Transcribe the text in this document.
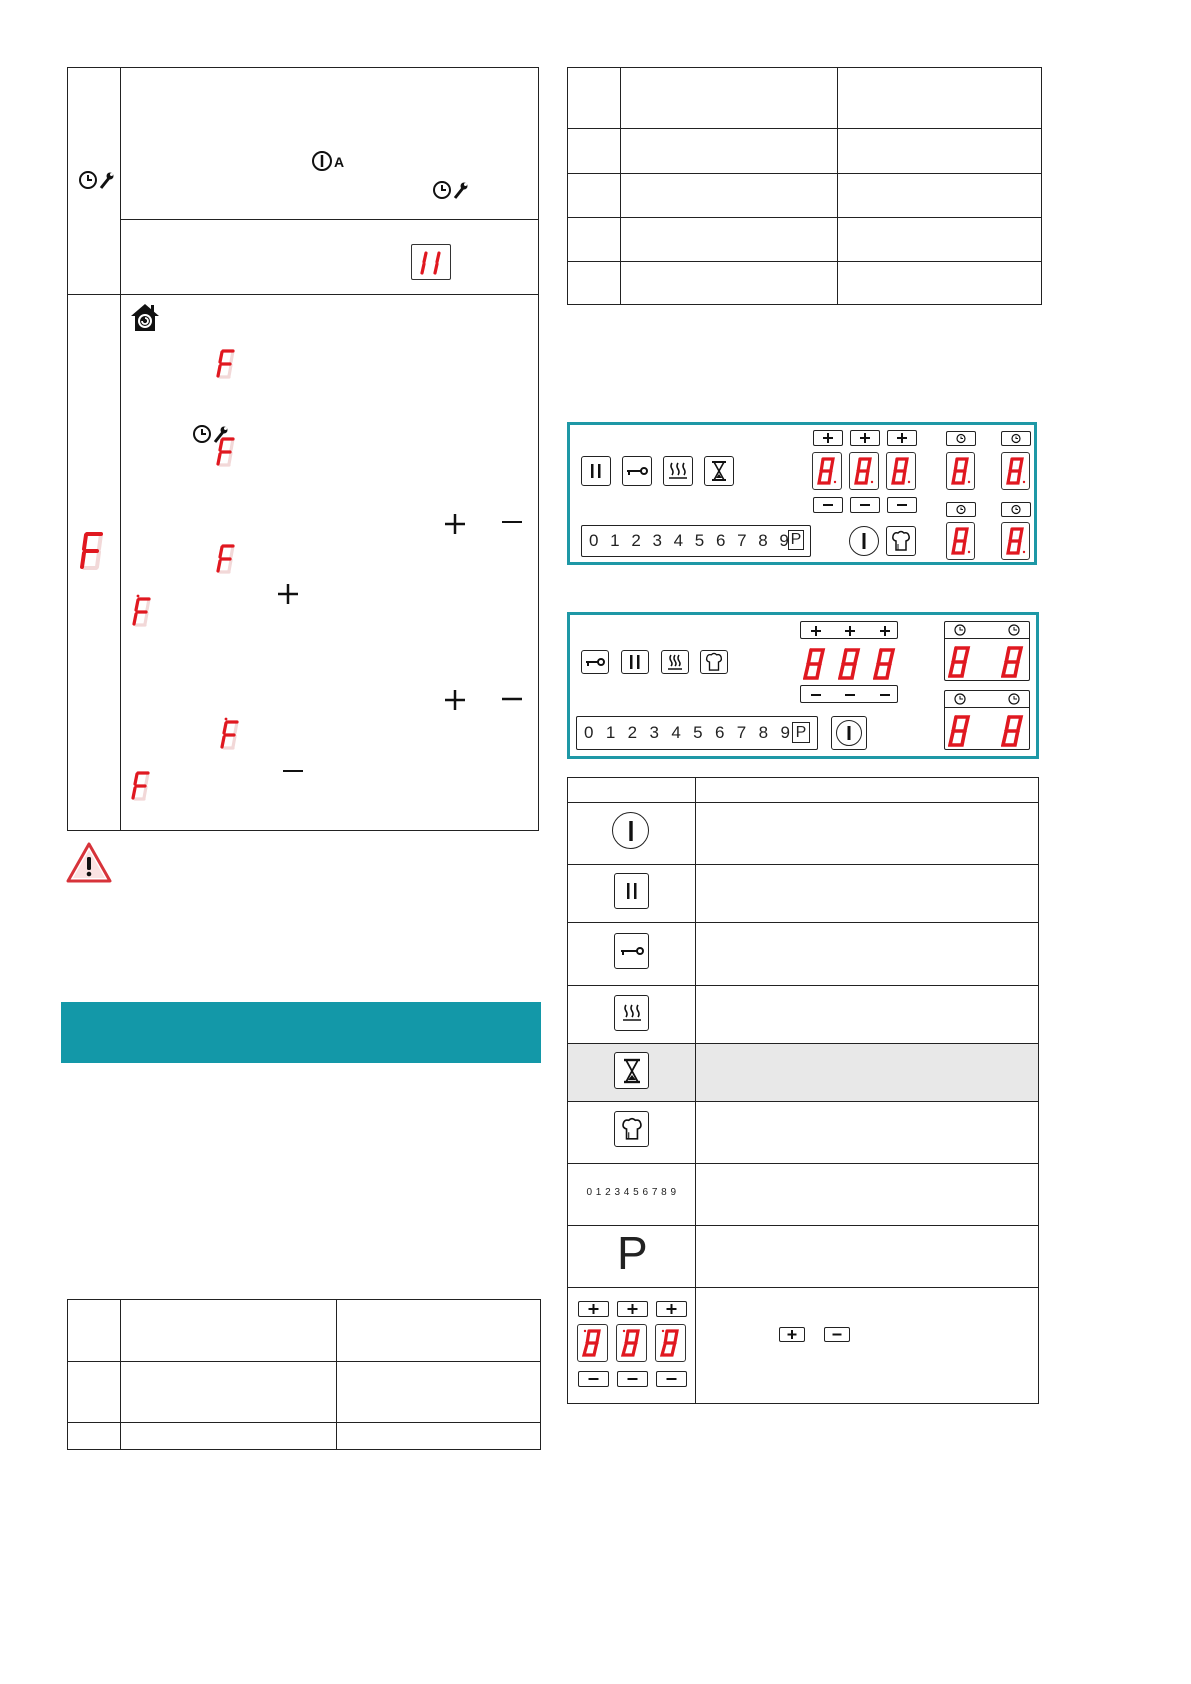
A
0 1 2 3 4 5 6 7 8 9 P
0 1 2 3 4 5 6 7 8 9 P
0 1 2 3 4 5 6 7 8 9
P
